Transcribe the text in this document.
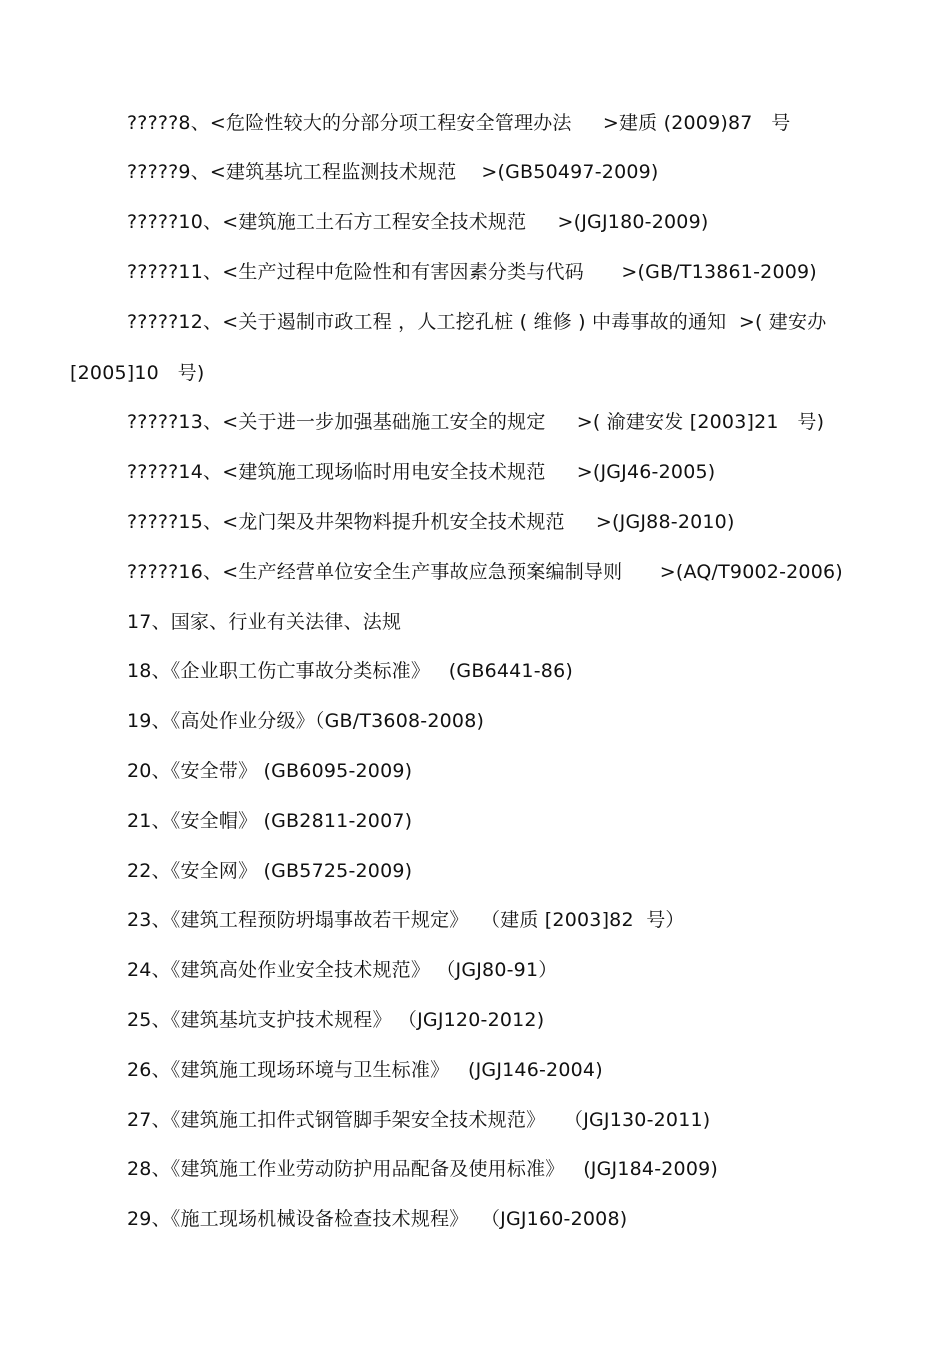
?????8、<危险性较大的分部分项工程安全管理办法     >建质 (2009)87   号
?????9、<建筑基坑工程监测技术规范    >(GB50497-2009)
?????10、<建筑施工土石方工程安全技术规范     >(JGJ180-2009)
?????11、<生产过程中危险性和有害因素分类与代码      >(GB/T13861-2009)
?????12、<关于遏制市政工程 ，人工挖孔桩 ( 维修 ) 中毒事故的通知  >( 建安办
[2005]10   号)
?????13、<关于进一步加强基础施工安全的规定     >( 渝建安发 [2003]21   号)
?????14、<建筑施工现场临时用电安全技术规范     >(JGJ46-2005)
?????15、<龙门架及井架物料提升机安全技术规范     >(JGJ88-2010)
?????16、<生产经营单位安全生产事故应急预案编制导则      >(AQ/T9002-2006)
17、国家、行业有关法律、法规
18、《企业职工伤亡事故分类标准》   (GB6441-86)
19、《高处作业分级》（GB/T3608-2008)
20、《安全带》 (GB6095-2009)
21、《安全帽》 (GB2811-2007)
22、《安全网》 (GB5725-2009)
23、《建筑工程预防坍塌事故若干规定》  （建质 [2003]82  号）
24、《建筑高处作业安全技术规范》 （JGJ80-91）
25、《建筑基坑支护技术规程》 （JGJ120-2012)
26、《建筑施工现场环境与卫生标准》   (JGJ146-2004)
27、《建筑施工扣件式钢管脚手架安全技术规范》   （JGJ130-2011)
28、《建筑施工作业劳动防护用品配备及使用标准》   (JGJ184-2009)
29、《施工现场机械设备检查技术规程》  （JGJ160-2008)
